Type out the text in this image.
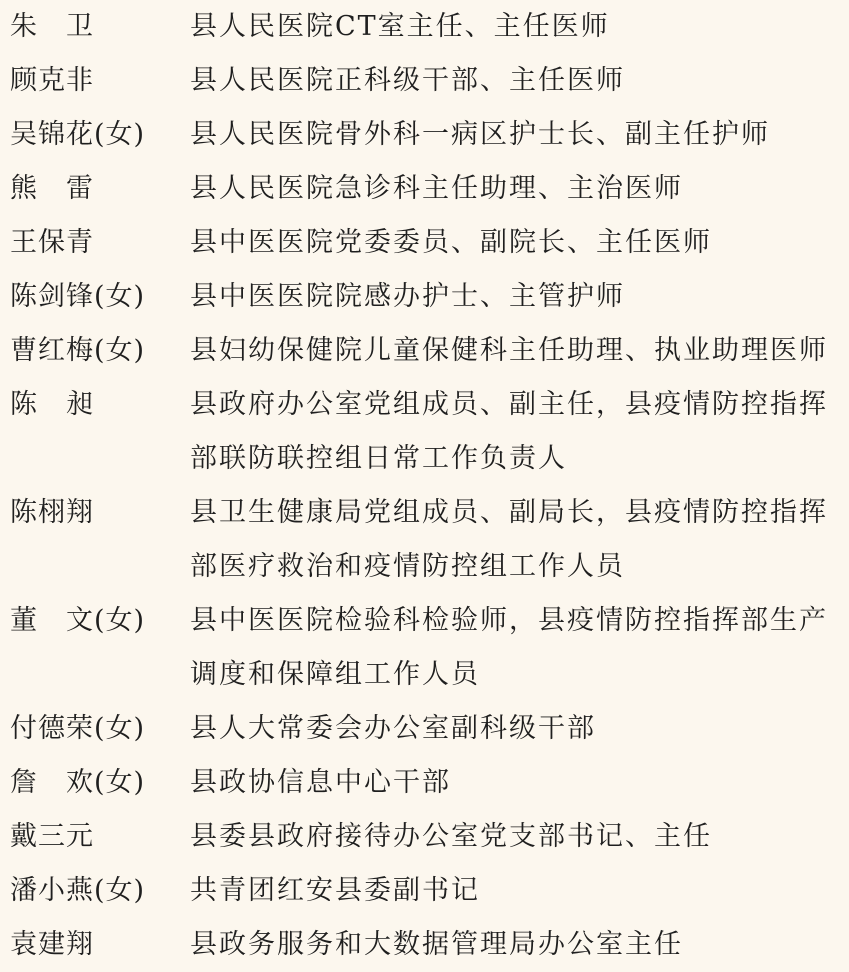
朱　卫	县人民医院CT室主任、主任医师
顾克非	县人民医院正科级干部、主任医师
吴锦花(女)	县人民医院骨外科一病区护士长、副主任护师
熊　雷	县人民医院急诊科主任助理、主治医师
王保青	县中医医院党委委员、副院长、主任医师
陈剑锋(女)	县中医医院院感办护士、主管护师
曹红梅(女)	县妇幼保健院儿童保健科主任助理、执业助理医师
陈　昶	县政府办公室党组成员、副主任，县疫情防控指挥
部联防联控组日常工作负责人
陈栩翔	县卫生健康局党组成员、副局长，县疫情防控指挥
部医疗救治和疫情防控组工作人员
董　文(女)	县中医医院检验科检验师，县疫情防控指挥部生产
调度和保障组工作人员
付德荣(女)	县人大常委会办公室副科级干部
詹　欢(女)	县政协信息中心干部
戴三元	县委县政府接待办公室党支部书记、主任
潘小燕(女)	共青团红安县委副书记
袁建翔	县政务服务和大数据管理局办公室主任
